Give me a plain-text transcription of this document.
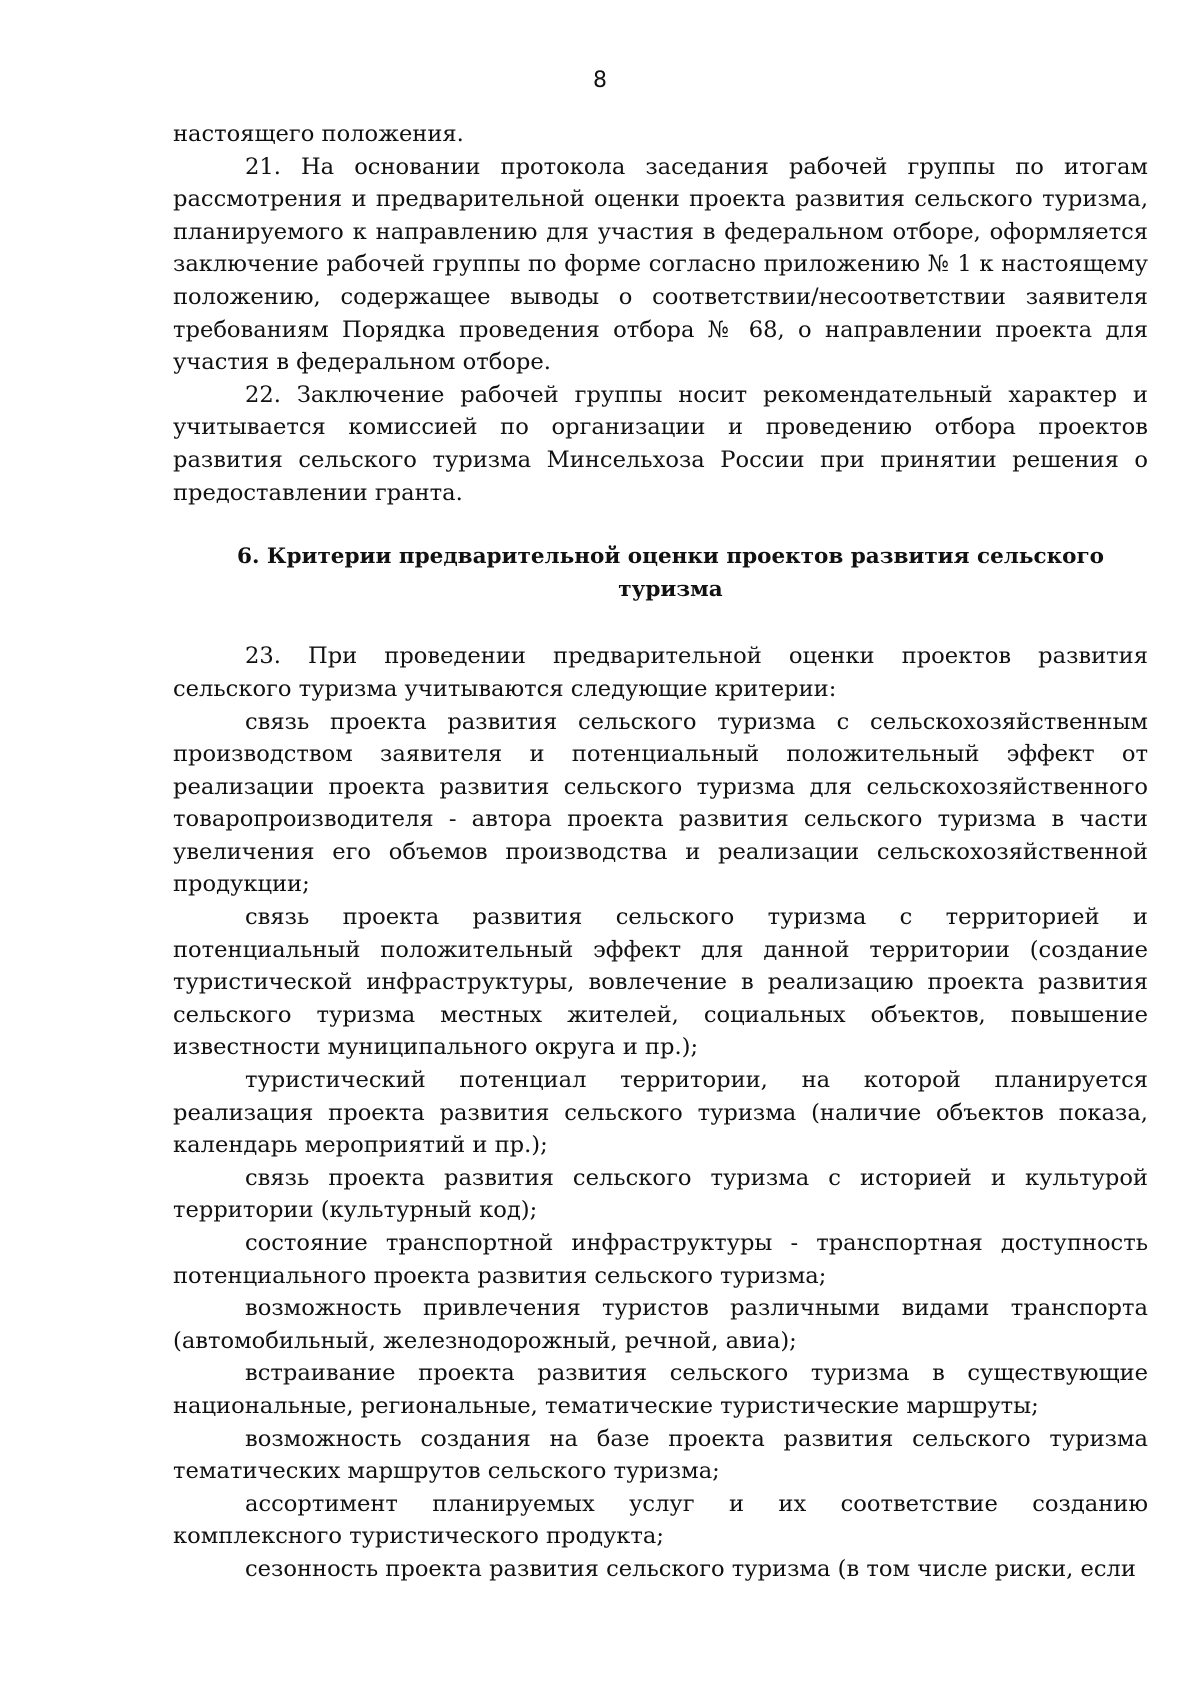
8

настоящего положения.

21. На основании протокола заседания рабочей группы по итогам рассмотрения и предварительной оценки проекта развития сельского туризма, планируемого к направлению для участия в федеральном отборе, оформляется заключение рабочей группы по форме согласно приложению № 1 к настоящему положению, содержащее выводы о соответствии/несоответствии заявителя требованиям Порядка проведения отбора № 68, о направлении проекта для участия в федеральном отборе.

22. Заключение рабочей группы носит рекомендательный характер и учитывается комиссией по организации и проведению отбора проектов развития сельского туризма Минсельхоза России при принятии решения о предоставлении гранта.

6. Критерии предварительной оценки проектов развития сельского туризма

23. При проведении предварительной оценки проектов развития сельского туризма учитываются следующие критерии:

связь проекта развития сельского туризма с сельскохозяйственным производством заявителя и потенциальный положительный эффект от реализации проекта развития сельского туризма для сельскохозяйственного товаропроизводителя - автора проекта развития сельского туризма в части увеличения его объемов производства и реализации сельскохозяйственной продукции;

связь проекта развития сельского туризма с территорией и потенциальный положительный эффект для данной территории (создание туристической инфраструктуры, вовлечение в реализацию проекта развития сельского туризма местных жителей, социальных объектов, повышение известности муниципального округа и пр.);

туристический потенциал территории, на которой планируется реализация проекта развития сельского туризма (наличие объектов показа, календарь мероприятий и пр.);

связь проекта развития сельского туризма с историей и культурой территории (культурный код);

состояние транспортной инфраструктуры - транспортная доступность потенциального проекта развития сельского туризма;

возможность привлечения туристов различными видами транспорта (автомобильный, железнодорожный, речной, авиа);

встраивание проекта развития сельского туризма в существующие национальные, региональные, тематические туристические маршруты;

возможность создания на базе проекта развития сельского туризма тематических маршрутов сельского туризма;

ассортимент планируемых услуг и их соответствие созданию комплексного туристического продукта;

сезонность проекта развития сельского туризма (в том числе риски, если
